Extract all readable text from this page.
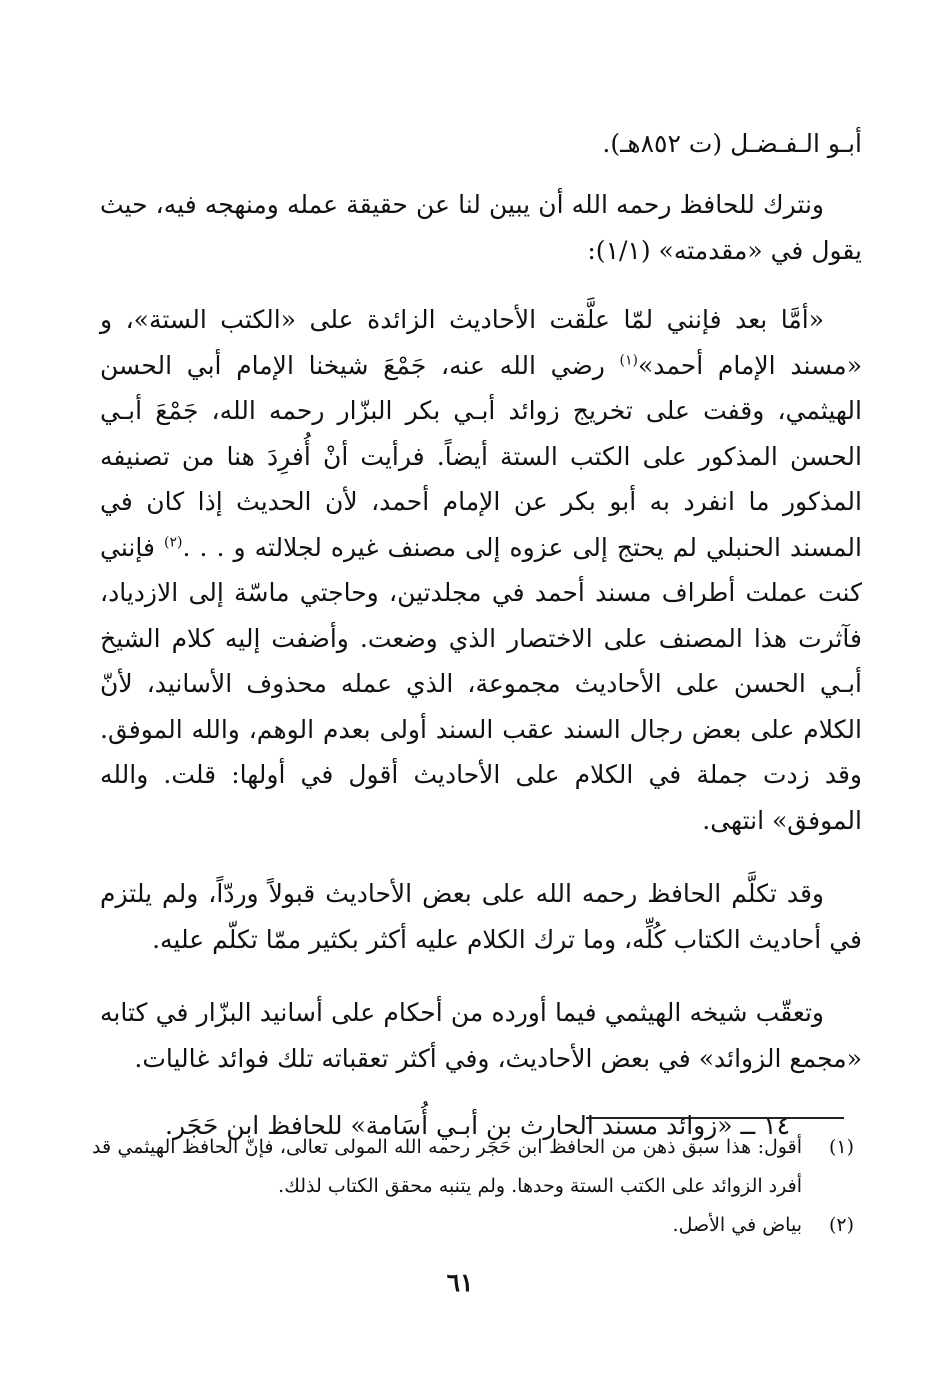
أبـو الـفـضـل (ت ٨٥٢هـ).

ونترك للحافظ رحمه الله أن يبين لنا عن حقيقة عمله ومنهجه فيه، حيث يقول في «مقدمته» (١/١):

«أمَّا بعد فإنني لمّا علَّقت الأحاديث الزائدة على «الكتب الستة»، و «مسند الإمام أحمد»$^{(١)}$ رضي الله عنه، جَمْعَ شيخنا الإمام أبي الحسن الهيثمي، وقفت على تخريج زوائد أبـي بكر البزّار رحمه الله، جَمْعَ أبـي الحسن المذكور على الكتب الستة أيضاً. فرأيت أنْ أُفرِدَ هنا من تصنيفه المذكور ما انفرد به أبو بكر عن الإمام أحمد، لأن الحديث إذا كان في المسند الحنبلي لم يحتج إلى عزوه إلى مصنف غيره لجلالته و . . .$^{(٢)}$ فإنني كنت عملت أطراف مسند أحمد في مجلدتين، وحاجتي ماسّة إلى الازدياد، فآثرت هذا المصنف على الاختصار الذي وضعت. وأضفت إليه كلام الشيخ أبـي الحسن على الأحاديث مجموعة، الذي عمله محذوف الأسانيد، لأنّ الكلام على بعض رجال السند عقب السند أولى بعدم الوهم، والله الموفق. وقد زدت جملة في الكلام على الأحاديث أقول في أولها: قلت. والله الموفق» انتهى.

وقد تكلَّم الحافظ رحمه الله على بعض الأحاديث قبولاً وردّاً، ولم يلتزم في أحاديث الكتاب كُلِّه، وما ترك الكلام عليه أكثر بكثير ممّا تكلّم عليه.

وتعقّب شيخه الهيثمي فيما أورده من أحكام على أسانيد البزّار في كتابه «مجمع الزوائد» في بعض الأحاديث، وفي أكثر تعقباته تلك فوائد غاليات.

١٤ ــ «زوائد مسند الحارث بن أبـي أُسَامة» للحافظ ابن حَجَر.

(١)
أقول: هذا سبق ذهن من الحافظ ابن حَجَر رحمه الله المولى تعالى، فإنّ الحافظ الهيثمي قد أفرد الزوائد على الكتب الستة وحدها. ولم يتنبه محقق الكتاب لذلك.

(٢)
بياض في الأصل.

٦١
